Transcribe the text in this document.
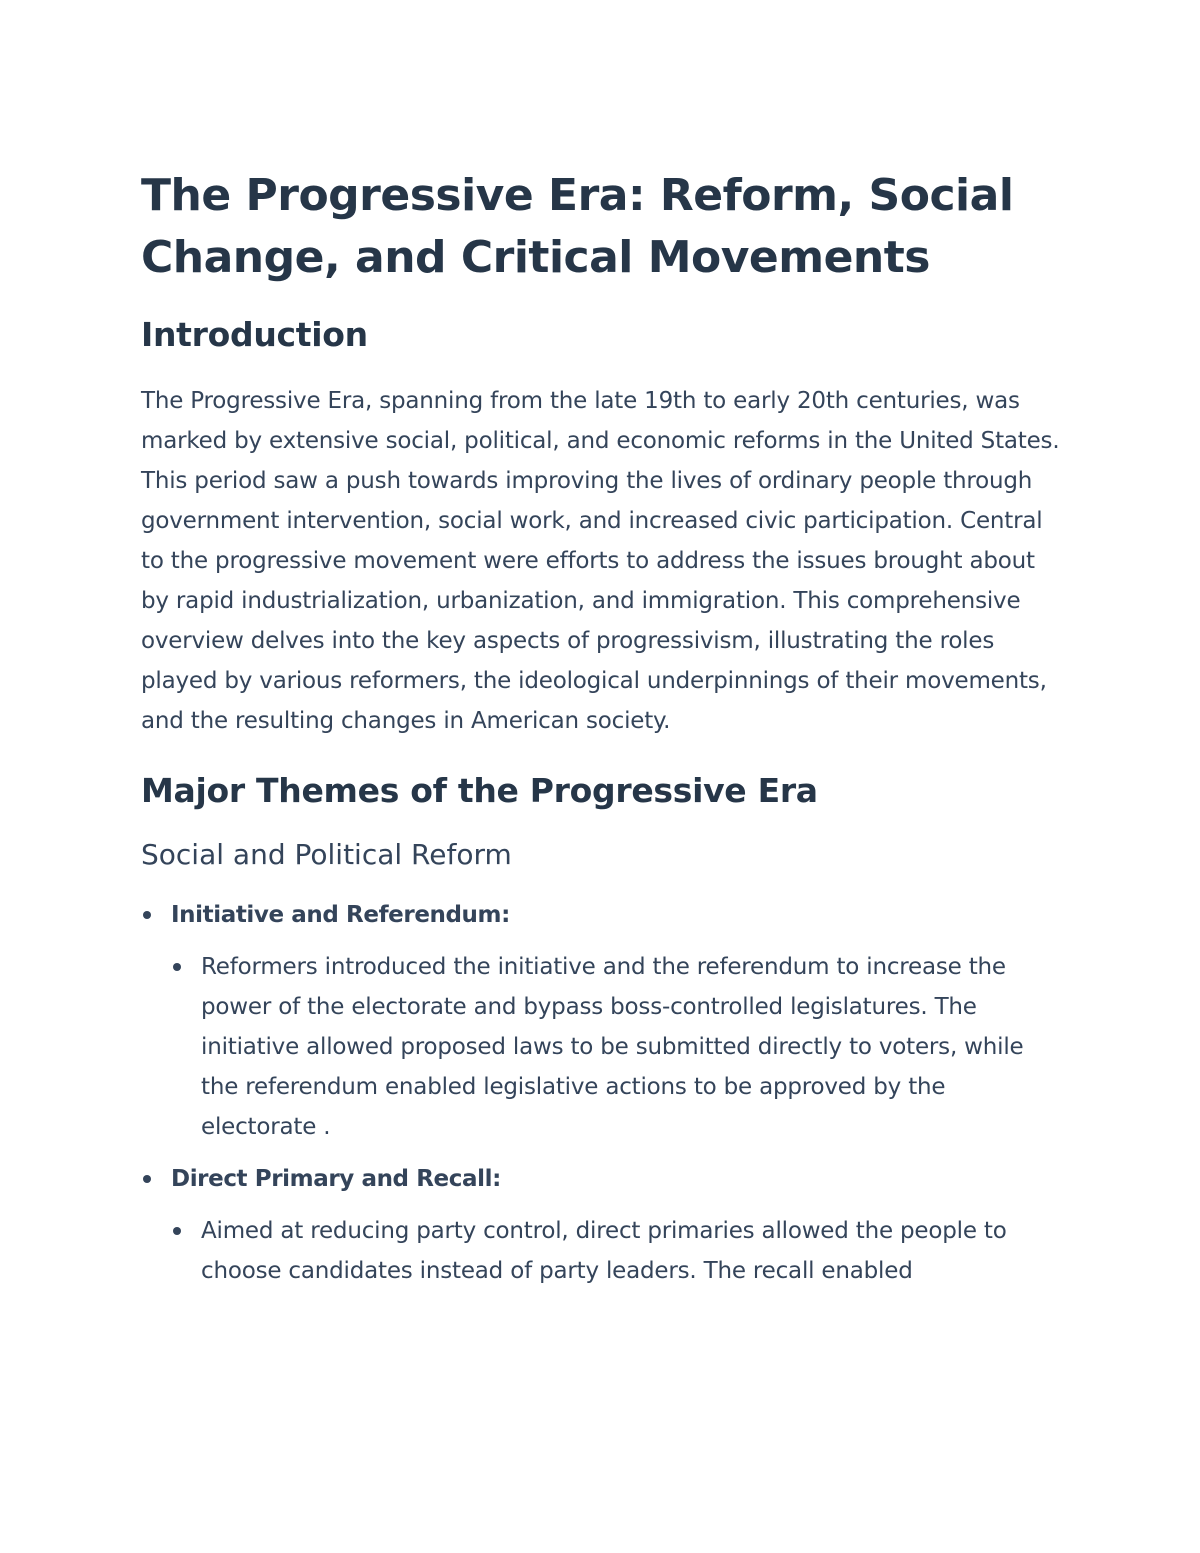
The Progressive Era: Reform, Social Change, and Critical Movements
Introduction

The Progressive Era, spanning from the late 19th to early 20th centuries, was marked by extensive social, political, and economic reforms in the United States. This period saw a push towards improving the lives of ordinary people through government intervention, social work, and increased civic participation. Central to the progressive movement were efforts to address the issues brought about by rapid industrialization, urbanization, and immigration. This comprehensive overview delves into the key aspects of progressivism, illustrating the roles played by various reformers, the ideological underpinnings of their movements, and the resulting changes in American society.

Major Themes of the Progressive Era
Social and Political Reform
Initiative and Referendum:
Reformers introduced the initiative and the referendum to increase the power of the electorate and bypass boss-controlled legislatures. The initiative allowed proposed laws to be submitted directly to voters, while the referendum enabled legislative actions to be approved by the electorate .
Direct Primary and Recall:
Aimed at reducing party control, direct primaries allowed the people to choose candidates instead of party leaders. The recall enabled
